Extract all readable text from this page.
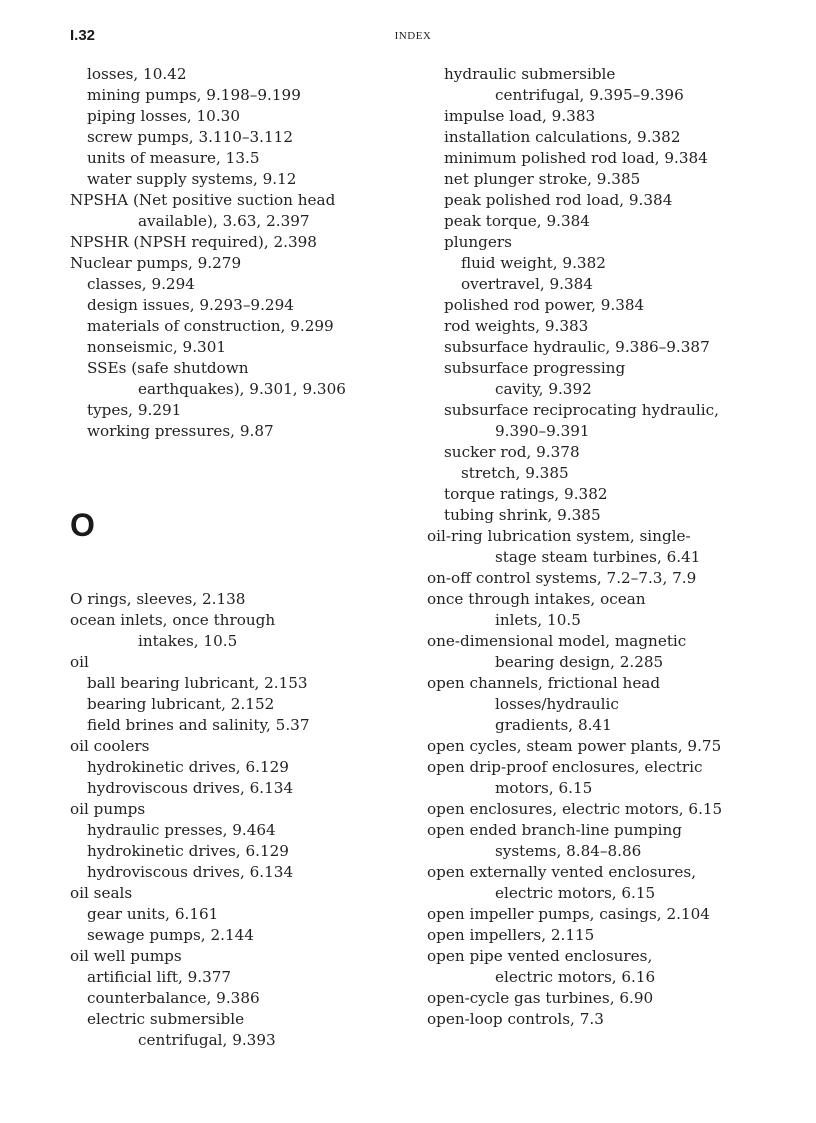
I.32	INDEX
losses, 10.42
mining pumps, 9.198–9.199
piping losses, 10.30
screw pumps, 3.110–3.112
units of measure, 13.5
water supply systems, 9.12
NPSHA (Net positive suction head
available), 3.63, 2.397
NPSHR (NPSH required), 2.398
Nuclear pumps, 9.279
classes, 9.294
design issues, 9.293–9.294
materials of construction, 9.299
nonseismic, 9.301
SSEs (safe shutdown
earthquakes), 9.301, 9.306
types, 9.291
working pressures, 9.87
O
O rings, sleeves, 2.138
ocean inlets, once through
intakes, 10.5
oil
ball bearing lubricant, 2.153
bearing lubricant, 2.152
field brines and salinity, 5.37
oil coolers
hydrokinetic drives, 6.129
hydroviscous drives, 6.134
oil pumps
hydraulic presses, 9.464
hydrokinetic drives, 6.129
hydroviscous drives, 6.134
oil seals
gear units, 6.161
sewage pumps, 2.144
oil well pumps
artificial lift, 9.377
counterbalance, 9.386
electric submersible
centrifugal, 9.393
hydraulic submersible
centrifugal, 9.395–9.396
impulse load, 9.383
installation calculations, 9.382
minimum polished rod load, 9.384
net plunger stroke, 9.385
peak polished rod load, 9.384
peak torque, 9.384
plungers
fluid weight, 9.382
overtravel, 9.384
polished rod power, 9.384
rod weights, 9.383
subsurface hydraulic, 9.386–9.387
subsurface progressing
cavity, 9.392
subsurface reciprocating hydraulic,
9.390–9.391
sucker rod, 9.378
stretch, 9.385
torque ratings, 9.382
tubing shrink, 9.385
oil-ring lubrication system, single-
stage steam turbines, 6.41
on-off control systems, 7.2–7.3, 7.9
once through intakes, ocean
inlets, 10.5
one-dimensional model, magnetic
bearing design, 2.285
open channels, frictional head
losses/hydraulic
gradients, 8.41
open cycles, steam power plants, 9.75
open drip-proof enclosures, electric
motors, 6.15
open enclosures, electric motors, 6.15
open ended branch-line pumping
systems, 8.84–8.86
open externally vented enclosures,
electric motors, 6.15
open impeller pumps, casings, 2.104
open impellers, 2.115
open pipe vented enclosures,
electric motors, 6.16
open-cycle gas turbines, 6.90
open-loop controls, 7.3
